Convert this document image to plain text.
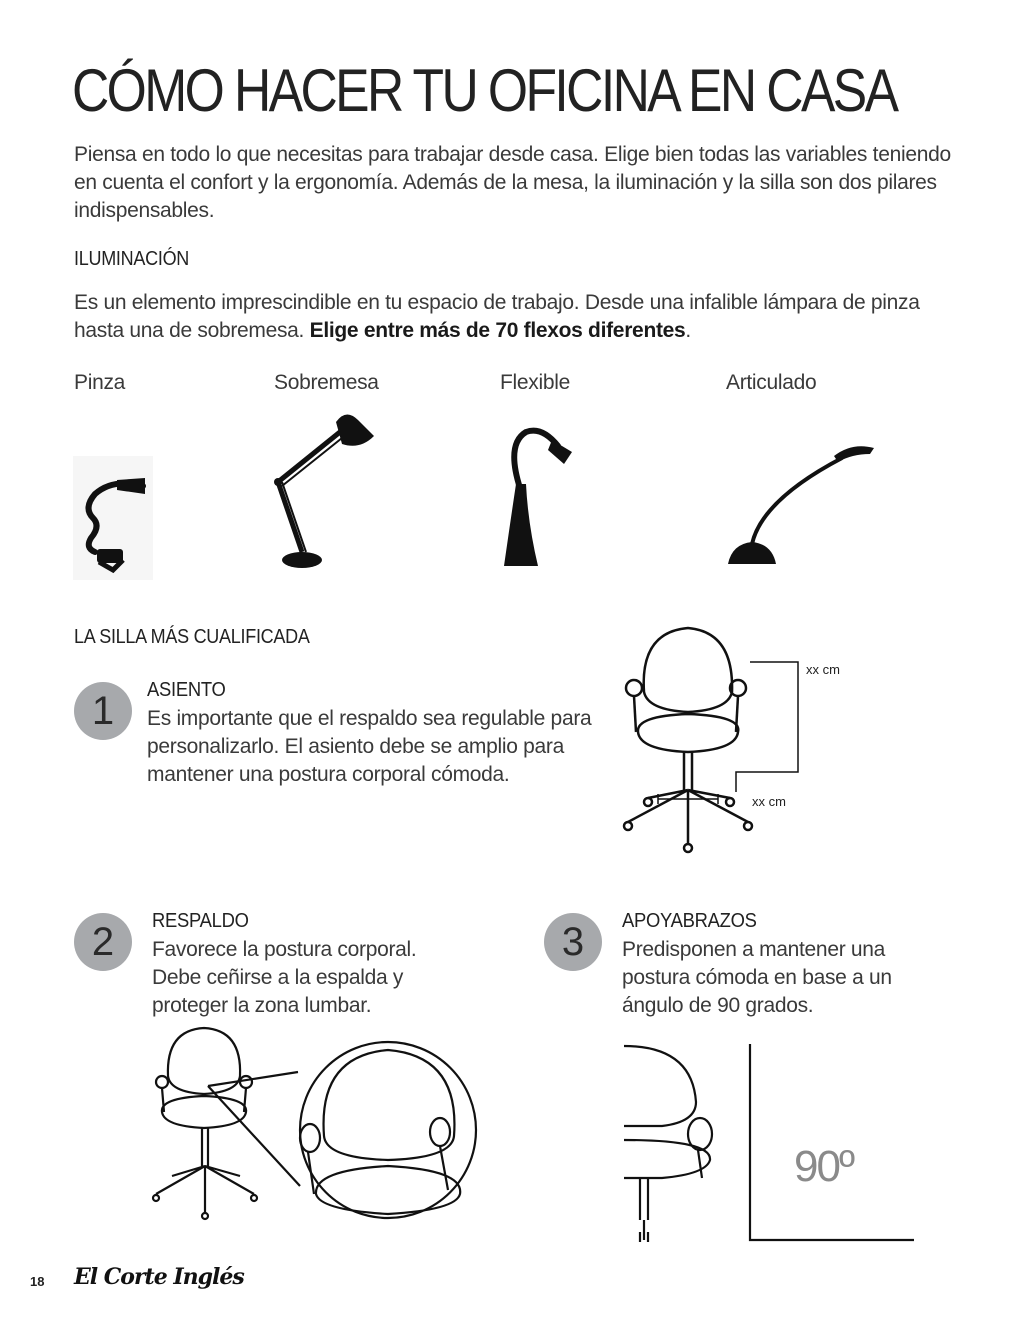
CÓMO HACER TU OFICINA EN CASA
Piensa en todo lo que necesitas para trabajar desde casa. Elige bien todas las variables teniendo en cuenta el confort y la ergonomía. Además de la mesa, la iluminación y la silla son dos pilares indispensables.
ILUMINACIÓN
Es un elemento imprescindible en tu espacio de trabajo. Desde una infalible lámpara de pinza hasta una de sobremesa. Elige entre más de 70 flexos diferentes.
Pinza	Sobremesa	Flexible	Articulado
LA SILLA MÁS CUALIFICADA
1	ASIENTO
Es importante que el respaldo sea regulable para personalizarlo. El asiento debe se amplio para mantener una postura corporal cómoda.
xx cm
xx cm
2	RESPALDO
Favorece la postura corporal. Debe ceñirse a la espalda y proteger la zona lumbar.
3	APOYABRAZOS
Predisponen a mantener una postura cómoda en base a un ángulo de 90 grados.
90º
18 El Corte Inglés
